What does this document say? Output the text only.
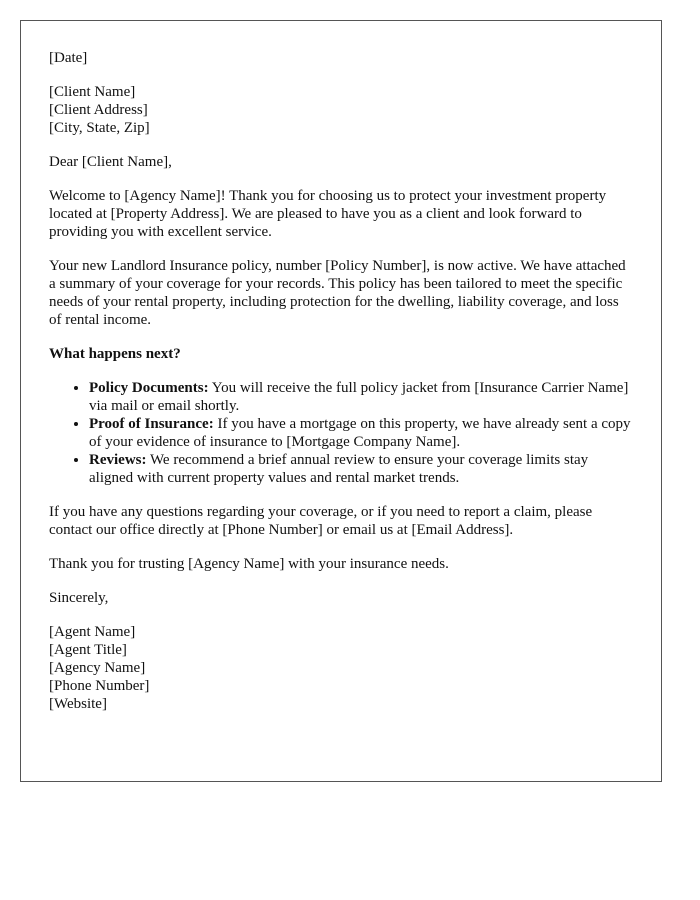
[Date]
[Client Name]
[Client Address]
[City, State, Zip]

Dear [Client Name],

Welcome to [Agency Name]! Thank you for choosing us to protect your investment property located at [Property Address]. We are pleased to have you as a client and look forward to providing you with excellent service.

Your new Landlord Insurance policy, number [Policy Number], is now active. We have attached a summary of your coverage for your records. This policy has been tailored to meet the specific needs of your rental property, including protection for the dwelling, liability coverage, and loss of rental income.

What happens next?
• Policy Documents: You will receive the full policy jacket from [Insurance Carrier Name] via mail or email shortly.
• Proof of Insurance: If you have a mortgage on this property, we have already sent a copy of your evidence of insurance to [Mortgage Company Name].
• Reviews: We recommend a brief annual review to ensure your coverage limits stay aligned with current property values and rental market trends.

If you have any questions regarding your coverage, or if you need to report a claim, please contact our office directly at [Phone Number] or email us at [Email Address].

Thank you for trusting [Agency Name] with your insurance needs.

Sincerely,

[Agent Name]
[Agent Title]
[Agency Name]
[Phone Number]
[Website]
